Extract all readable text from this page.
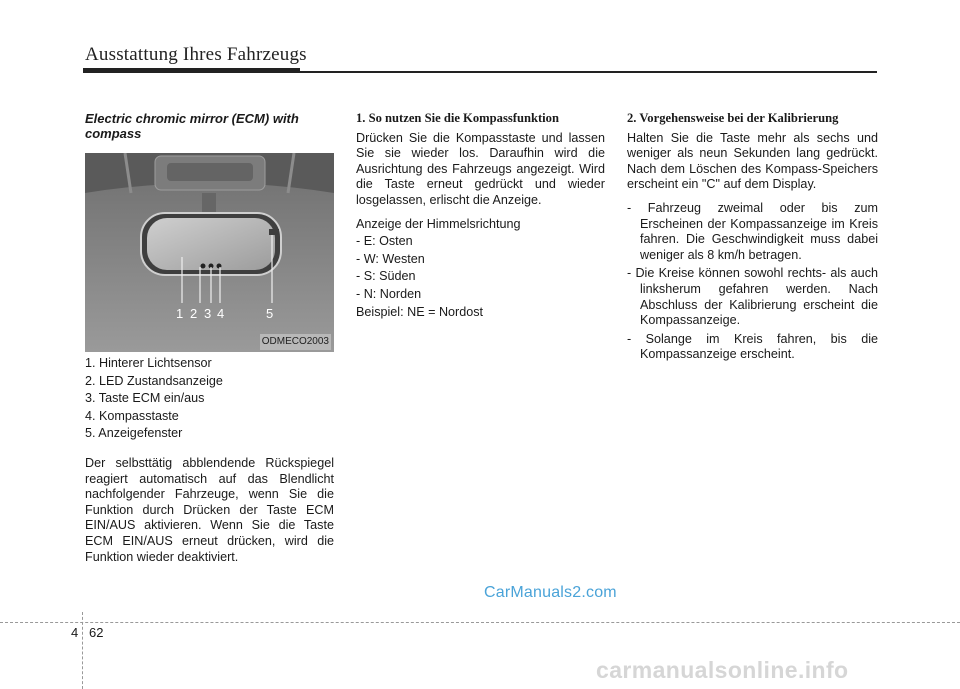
Ausstattung Ihres Fahrzeugs
Electric chromic mirror (ECM) with compass
1 2 3 4	5
ODMECO2003
1. Hinterer Lichtsensor
2. LED Zustandsanzeige
3. Taste ECM ein/aus
4. Kompasstaste
5. Anzeigefenster

Der selbsttätig abblendende Rückspiegel reagiert automatisch auf das Blendlicht nachfolgender Fahrzeuge, wenn Sie die Funktion durch Drücken der Taste ECM EIN/AUS aktivieren. Wenn Sie die Taste ECM EIN/AUS erneut drücken, wird die Funktion wieder deaktiviert.

1. So nutzen Sie die Kompassfunktion

Drücken Sie die Kompasstaste und lassen Sie sie wieder los. Daraufhin wird die Ausrichtung des Fahrzeugs angezeigt. Wird die Taste erneut gedrückt und wieder losgelassen, erlischt die Anzeige.

Anzeige der Himmelsrichtung

- E: Osten
- W: Westen
- S: Süden
- N: Norden

Beispiel: NE = Nordost

2. Vorgehensweise bei der Kalibrierung

Halten Sie die Taste mehr als sechs und weniger als neun Sekunden lang gedrückt. Nach dem Löschen des Kompass-Speichers erscheint ein "C" auf dem Display.

- Fahrzeug zweimal oder bis zum Erscheinen der Kompassanzeige im Kreis fahren. Die Geschwindigkeit muss dabei weniger als 8 km/h betragen.
- Die Kreise können sowohl rechts- als auch linksherum gefahren werden. Nach Abschluss der Kalibrierung erscheint die Kompassanzeige.
- Solange im Kreis fahren, bis die Kompassanzeige erscheint.
CarManuals2.com
4 62
carmanualsonline.info
